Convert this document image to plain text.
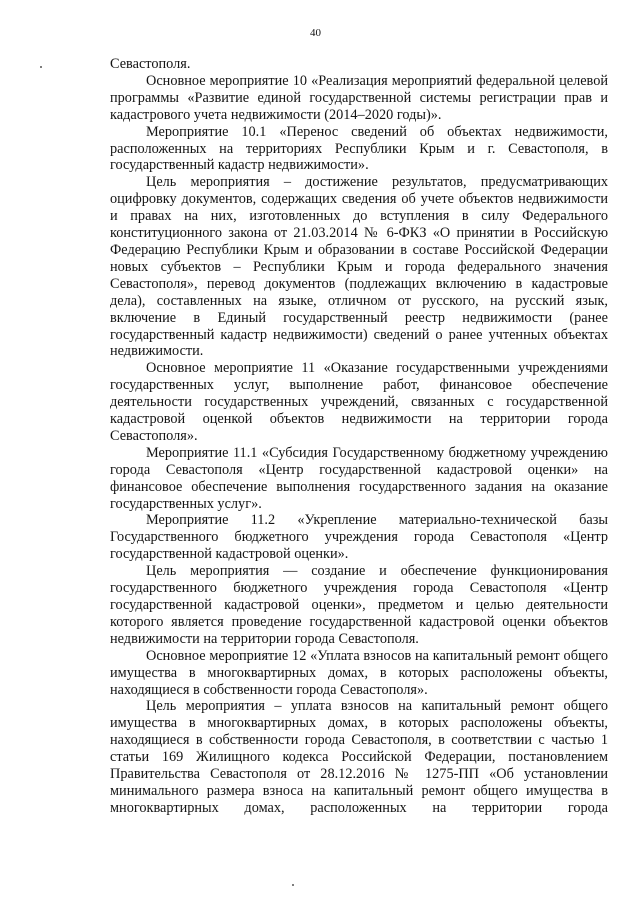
40

Севастополя.

Основное мероприятие 10 «Реализация мероприятий федеральной целевой программы «Развитие единой государственной системы регистрации прав и кадастрового учета недвижимости (2014–2020 годы)».

Мероприятие 10.1 «Перенос сведений об объектах недвижимости, расположенных на территориях Республики Крым и г. Севастополя, в государственный кадастр недвижимости».

Цель мероприятия – достижение результатов, предусматривающих оцифровку документов, содержащих сведения об учете объектов недвижимости и правах на них, изготовленных до вступления в силу Федерального конституционного закона от 21.03.2014 № 6-ФКЗ «О принятии в Российскую Федерацию Республики Крым и образовании в составе Российской Федерации новых субъектов – Республики Крым и города федерального значения Севастополя», перевод документов (подлежащих включению в кадастровые дела), составленных на языке, отличном от русского, на русский язык, включение в Единый государственный реестр недвижимости (ранее государственный кадастр недвижимости) сведений о ранее учтенных объектах недвижимости.

Основное мероприятие 11 «Оказание государственными учреждениями государственных услуг, выполнение работ, финансовое обеспечение деятельности государственных учреждений, связанных с государственной кадастровой оценкой объектов недвижимости на территории города Севастополя».

Мероприятие 11.1 «Субсидия Государственному бюджетному учреждению города Севастополя «Центр государственной кадастровой оценки» на финансовое обеспечение выполнения государственного задания на оказание государственных услуг».

Мероприятие 11.2 «Укрепление материально-технической базы Государственного бюджетного учреждения города Севастополя «Центр государственной кадастровой оценки».

Цель мероприятия — создание и обеспечение функционирования государственного бюджетного учреждения города Севастополя «Центр государственной кадастровой оценки», предметом и целью деятельности которого является проведение государственной кадастровой оценки объектов недвижимости на территории города Севастополя.

Основное мероприятие 12 «Уплата взносов на капитальный ремонт общего имущества в многоквартирных домах, в которых расположены объекты, находящиеся в собственности города Севастополя».

Цель мероприятия – уплата взносов на капитальный ремонт общего имущества в многоквартирных домах, в которых расположены объекты, находящиеся в собственности города Севастополя, в соответствии с частью 1 статьи 169 Жилищного кодекса Российской Федерации, постановлением Правительства Севастополя от 28.12.2016 № 1275-ПП «Об установлении минимального размера взноса на капитальный ремонт общего имущества в многоквартирных домах, расположенных на территории города
